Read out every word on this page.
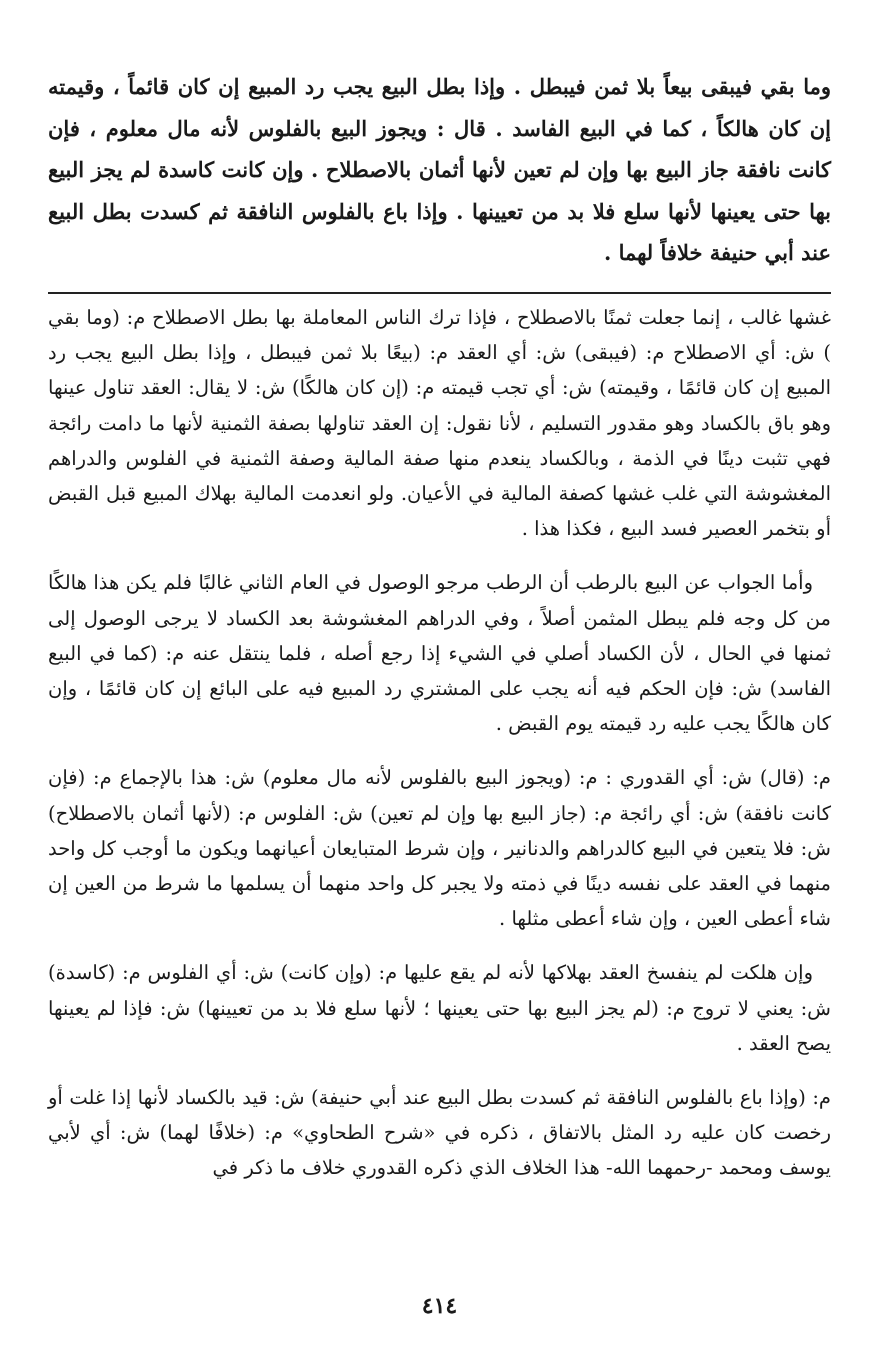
وما بقي فيبقى بيعاً بلا ثمن فيبطل . وإذا بطل البيع يجب رد المبيع إن كان قائماً ، وقيمته إن كان هالكاً ، كما في البيع الفاسد . قال : ويجوز البيع بالفلوس لأنه مال معلوم ، فإن كانت نافقة جاز البيع بها وإن لم تعين لأنها أثمان بالاصطلاح . وإن كانت كاسدة لم يجز البيع بها حتى يعينها لأنها سلع فلا بد من تعيينها . وإذا باع بالفلوس النافقة ثم كسدت بطل البيع عند أبي حنيفة خلافاً لهما .

غشها غالب ، إنما جعلت ثمنًا بالاصطلاح ، فإذا ترك الناس المعاملة بها بطل الاصطلاح م: (وما بقي ) ش: أي الاصطلاح م: (فيبقى) ش: أي العقد م: (بيعًا بلا ثمن فيبطل ، وإذا بطل البيع يجب رد المبيع إن كان قائمًا ، وقيمته) ش: أي تجب قيمته م: (إن كان هالكًا) ش: لا يقال: العقد تناول عينها وهو باق بالكساد وهو مقدور التسليم ، لأنا نقول: إن العقد تناولها بصفة الثمنية لأنها ما دامت رائجة فهي تثبت دينًا في الذمة ، وبالكساد ينعدم منها صفة المالية وصفة الثمنية في الفلوس والدراهم المغشوشة التي غلب غشها كصفة المالية في الأعيان. ولو انعدمت المالية بهلاك المبيع قبل القبض أو بتخمر العصير فسد البيع ، فكذا هذا .

وأما الجواب عن البيع بالرطب أن الرطب مرجو الوصول في العام الثاني غالبًا فلم يكن هذا هالكًا من كل وجه فلم يبطل المثمن أصلاً ، وفي الدراهم المغشوشة بعد الكساد لا يرجى الوصول إلى ثمنها في الحال ، لأن الكساد أصلي في الشيء إذا رجع أصله ، فلما ينتقل عنه م: (كما في البيع الفاسد) ش: فإن الحكم فيه أنه يجب على المشتري رد المبيع فيه على البائع إن كان قائمًا ، وإن كان هالكًا يجب عليه رد قيمته يوم القبض .

م: (قال) ش: أي القدوري : م: (ويجوز البيع بالفلوس لأنه مال معلوم) ش: هذا بالإجماع م: (فإن كانت نافقة) ش: أي رائجة م: (جاز البيع بها وإن لم تعين) ش: الفلوس م: (لأنها أثمان بالاصطلاح) ش: فلا يتعين في البيع كالدراهم والدنانير ، وإن شرط المتبايعان أعيانهما ويكون ما أوجب كل واحد منهما في العقد على نفسه دينًا في ذمته ولا يجبر كل واحد منهما أن يسلمها ما شرط من العين إن شاء أعطى العين ، وإن شاء أعطى مثلها .

وإن هلكت لم ينفسخ العقد بهلاكها لأنه لم يقع عليها م: (وإن كانت) ش: أي الفلوس م: (كاسدة) ش: يعني لا تروج م: (لم يجز البيع بها حتى يعينها ؛ لأنها سلع فلا بد من تعيينها) ش: فإذا لم يعينها يصح العقد .

م: (وإذا باع بالفلوس النافقة ثم كسدت بطل البيع عند أبي حنيفة) ش: قيد بالكساد لأنها إذا غلت أو رخصت كان عليه رد المثل بالاتفاق ، ذكره في «شرح الطحاوي» م: (خلافًا لهما) ش: أي لأبي يوسف ومحمد -رحمهما الله- هذا الخلاف الذي ذكره القدوري خلاف ما ذكر في

٤١٤
